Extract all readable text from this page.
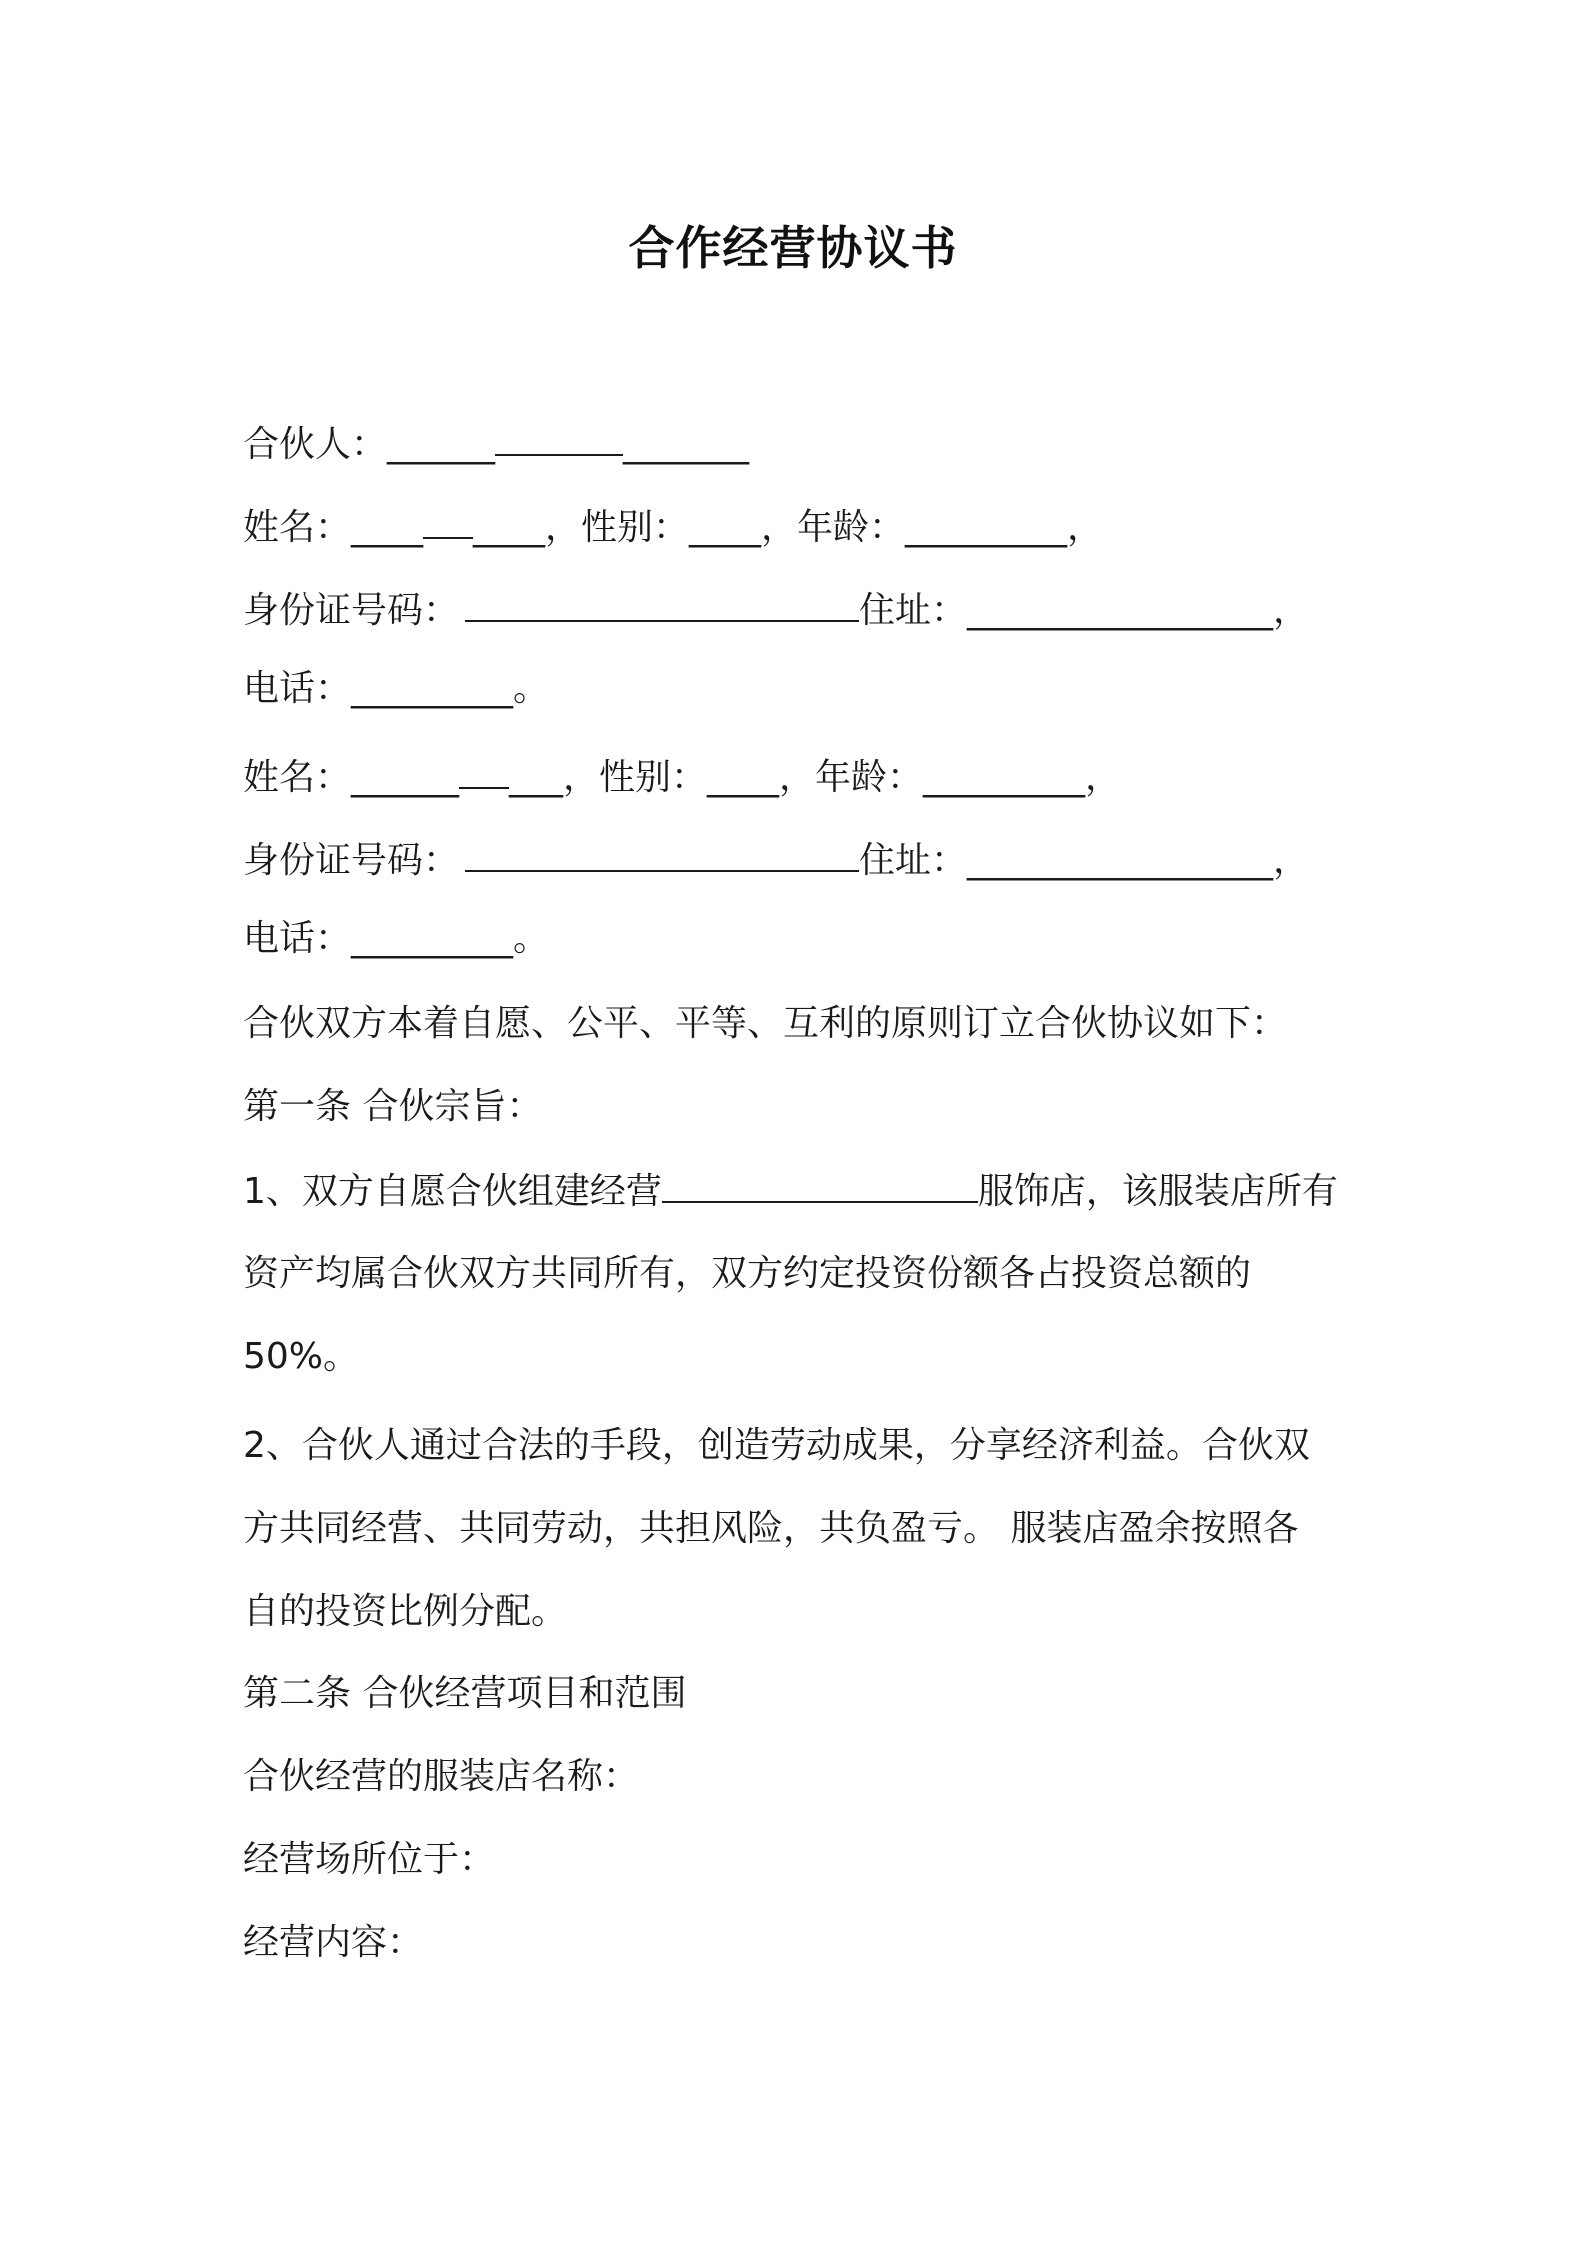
合作经营协议书
合伙人：______	_______
姓名：____ ____，性别：____，年龄：_________，
身份证号码：	住址：_________________，
电话：_________。
姓名：______ ___，性别：____，年龄：_________，
身份证号码：	住址：_________________，
电话：_________。
合伙双方本着自愿、公平、平等、互利的原则订立合伙协议如下：
第一条 合伙宗旨：
1、双方自愿合伙组建经营	服饰店，该服装店所有
资产均属合伙双方共同所有，双方约定投资份额各占投资总额的
50%。
2、合伙人通过合法的手段，创造劳动成果，分享经济利益。合伙双
方共同经营、共同劳动，共担风险，共负盈亏。 服装店盈余按照各
自的投资比例分配。
第二条 合伙经营项目和范围
合伙经营的服装店名称：
经营场所位于：
经营内容：
